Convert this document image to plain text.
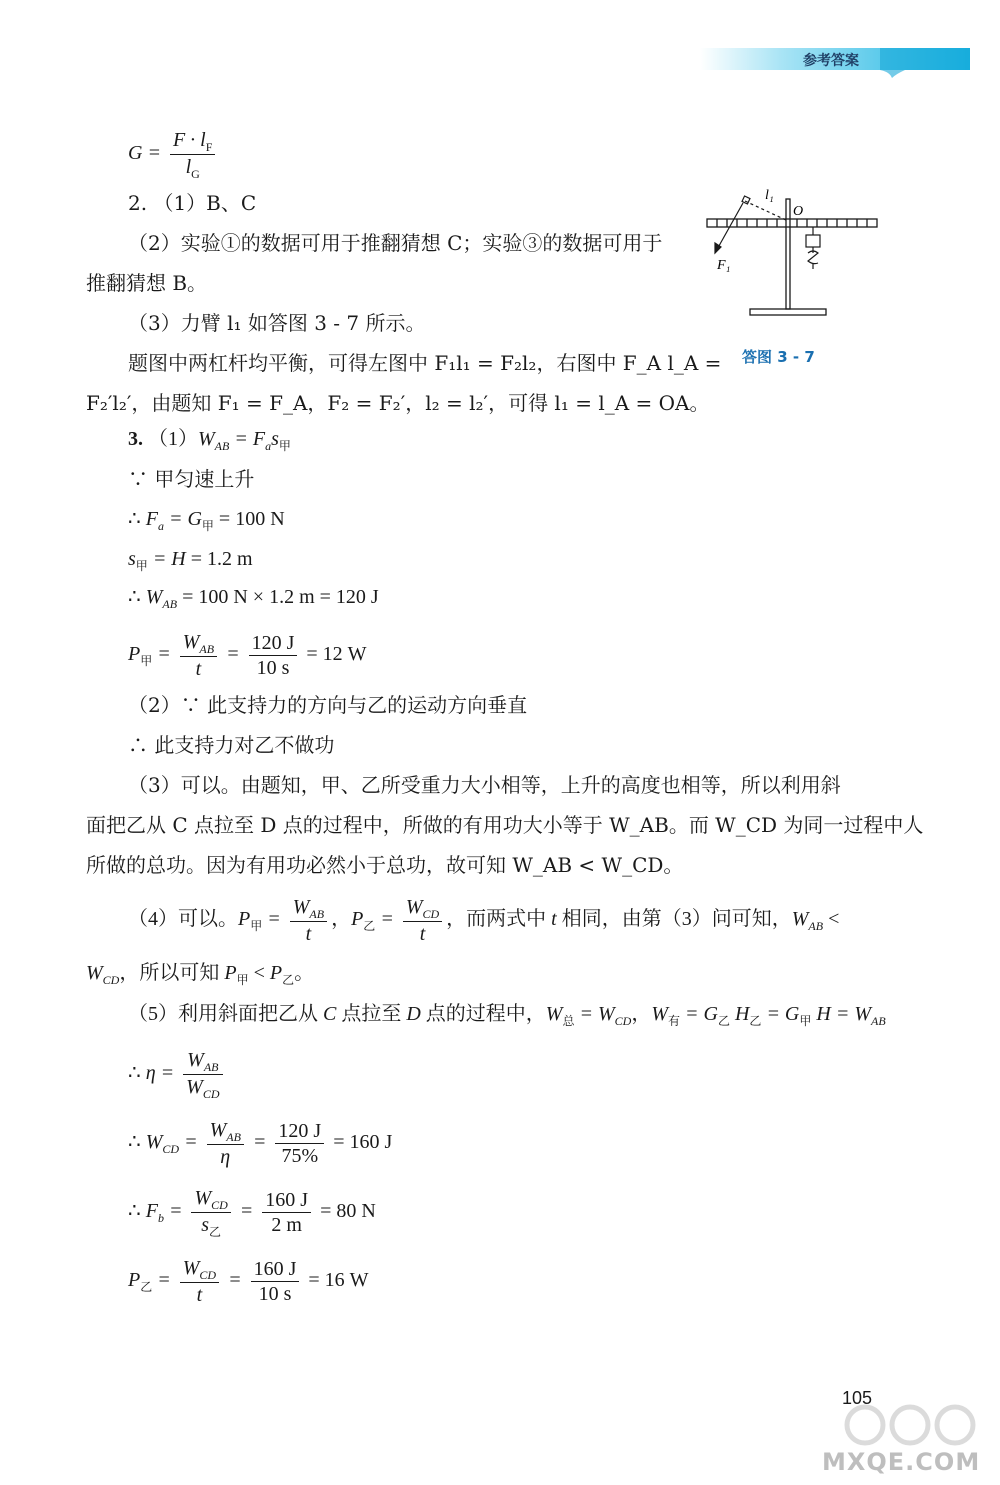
参考答案
$G = \frac{F \cdot l_F}{l_G}$
2. （1）B、C
（2）实验①的数据可用于推翻猜想 C；实验③的数据可用于
推翻猜想 B。
（3）力臂 l₁ 如答图 3 - 7 所示。
题图中两杠杆均平衡，可得左图中 F₁l₁ = F₂l₂，右图中 F_A l_A =
F₂′l₂′，由题知 F₁ = F_A，F₂ = F₂′，l₂ = l₂′，可得 l₁ = l_A = OA。
l₁
O
F₁
答图 3 - 7
3. $(1)W_{AB} = F_as_甲$
∵ 甲匀速上升
∴ $F_a = G_甲 = 100$ N
$s_甲 = H = 1.2$ m
∴ $W_{AB} = 100$ N × 1.2 m = 120 J
$P_甲 = \frac{W_{AB}}{t} = \frac{120 J}{10 s} = 12$ W
（2）∵ 此支持力的方向与乙的运动方向垂直
∴ 此支持力对乙不做功
（3）可以。由题知，甲、乙所受重力大小相等，上升的高度也相等，所以利用斜
面把乙从 C 点拉至 D 点的过程中，所做的有用功大小等于 W_AB。而 W_CD 为同一过程中人
所做的总功。因为有用功必然小于总功，故可知 W_AB < W_CD。
（4）可以。$P_甲 = \frac{W_{AB}}{t}$ ，$P_乙 = \frac{W_{CD}}{t}$ ，而两式中 t 相同，由第（3）问可知，$W_{AB}$ <
$W_{CD}$，所以可知 $P_甲 < P_乙$。
（5）利用斜面把乙从 C 点拉至 D 点的过程中，$W_总 = W_{CD}$，$W_有 = G_乙$ $H_乙 = G_甲$ $H = W_{AB}$
∴ $\eta = \frac{W_{AB}}{W_{CD}}$
∴ $W_{CD} = \frac{W_{AB}}{\eta} = \frac{120 J}{75\%} = 160$ J
∴ $F_b = \frac{W_{CD}}{s_乙} = \frac{160 J}{2 m} = 80$ N
$P_乙 = \frac{W_{CD}}{t} = \frac{160 J}{10 s} = 16$ W
105
MXQE.COM
